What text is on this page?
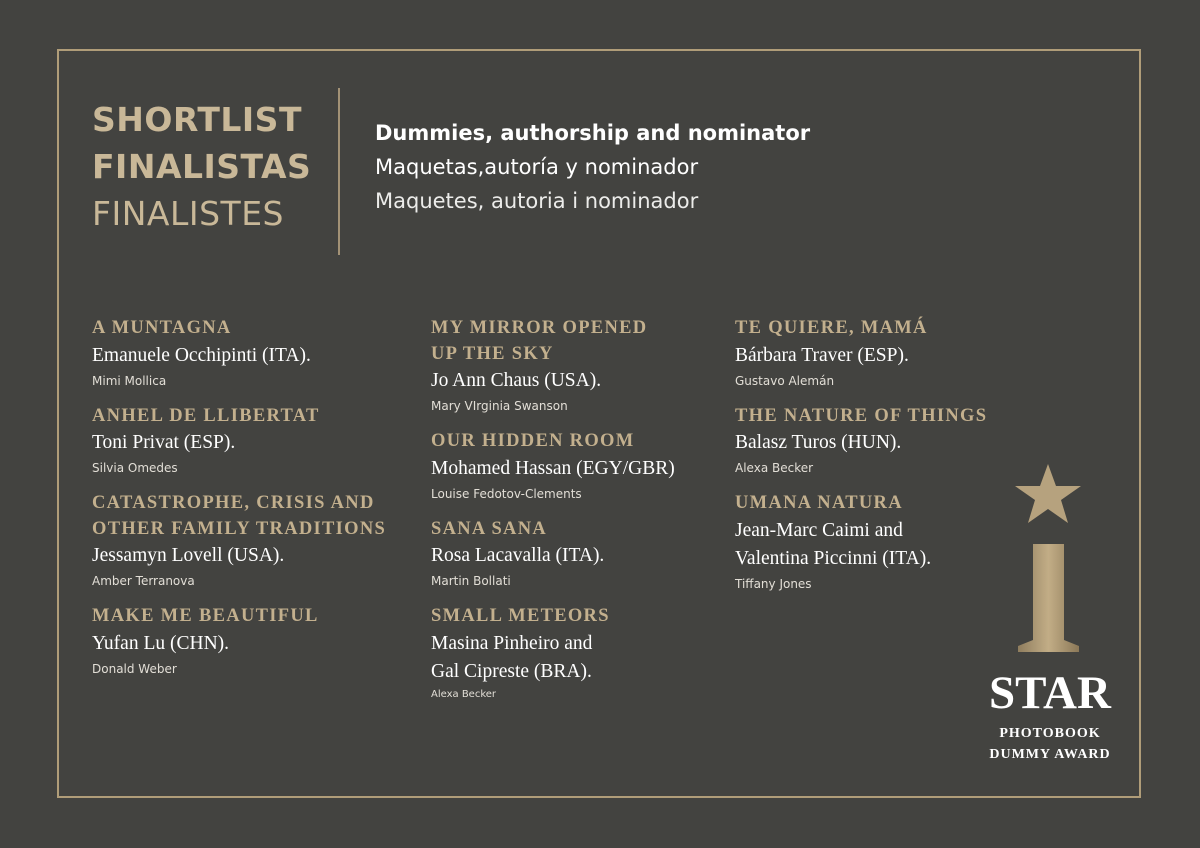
SHORTLIST
FINALISTAS
FINALISTES
Dummies, authorship and nominator
Maquetas,autoría y nominador
Maquetes, autoria i nominador
A MUNTAGNA
Emanuele Occhipinti (ITA).
Mimi Mollica
ANHEL DE LLIBERTAT
Toni Privat (ESP).
Silvia Omedes
CATASTROPHE, CRISIS AND
OTHER FAMILY TRADITIONS
Jessamyn Lovell (USA).
Amber Terranova
MAKE ME BEAUTIFUL
Yufan Lu (CHN).
Donald Weber
MY MIRROR OPENED
UP THE SKY
Jo Ann Chaus (USA).
Mary VIrginia Swanson
OUR HIDDEN ROOM
Mohamed Hassan (EGY/GBR)
Louise Fedotov-Clements
SANA SANA
Rosa Lacavalla (ITA).
Martin Bollati
SMALL METEORS
Masina Pinheiro and
Gal Cipreste (BRA).
Alexa Becker
TE QUIERE, MAMÁ
Bárbara Traver (ESP).
Gustavo Alemán
THE NATURE OF THINGS
Balasz Turos (HUN).
Alexa Becker
UMANA NATURA
Jean-Marc Caimi and
Valentina Piccinni (ITA).
Tiffany Jones
STAR
PHOTOBOOK
DUMMY AWARD
